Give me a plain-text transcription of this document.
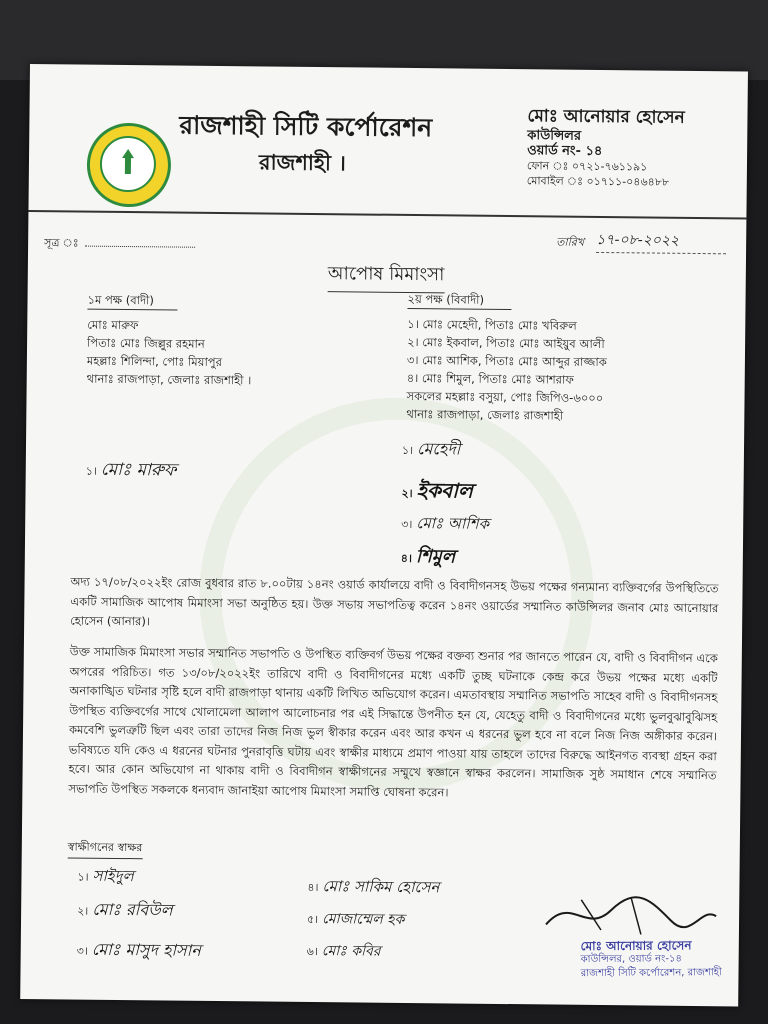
রাজশাহী সিটি কর্পোরেশন
রাজশাহী ।
মোঃ আনোয়ার হোসেন
কাউন্সিলর
ওয়ার্ড নং- ১৪
ফোন ঃ ০৭২১-৭৬১১৯১
মোবাইল ঃ ০১৭১১-০৪৬৪৮৮
সূত্র ঃ	তারিখ ১৭-০৮-২০২২
আপোষ মিমাংসা
১ম পক্ষ (বাদী)
মোঃ মারুফ
পিতাঃ মোঃ জিল্লুর রহমান
মহল্লাঃ শিলিন্দা, পোঃ মিয়াপুর
থানাঃ রাজপাড়া, জেলাঃ রাজশাহী ।
২য় পক্ষ (বিবাদী)
১। মোঃ মেহেদী, পিতাঃ মোঃ খবিরুল
২। মোঃ ইকবাল, পিতাঃ মোঃ আইয়ুব আলী
৩। মোঃ আশিক, পিতাঃ মোঃ আব্দুর রাজ্জাক
৪। মোঃ শিমুল, পিতাঃ মোঃ আশরাফ
সকলের মহল্লাঃ বসুয়া, পোঃ জিপিও-৬০০০
থানাঃ রাজপাড়া, জেলাঃ রাজশাহী
১। মোঃ মারুফ
১। মেহেদী
২। ইকবাল
৩। মোঃ আশিক
৪। শিমুল
অদ্য ১৭/০৮/২০২২ইং রোজ বুধবার রাত ৮.০০টায় ১৪নং ওয়ার্ড কার্যালয়ে বাদী ও বিবাদীগনসহ উভয় পক্ষের গন্যমান্য ব্যক্তিবর্গের উপস্থিতিতে একটি সামাজিক আপোষ মিমাংসা সভা অনুষ্ঠিত হয়। উক্ত সভায় সভাপতিত্ব করেন ১৪নং ওয়ার্ডের সম্মানিত কাউন্সিলর জনাব মোঃ আনোয়ার হোসেন (আনার)।
উক্ত সামাজিক মিমাংসা সভার সম্মানিত সভাপতি ও উপস্থিত ব্যক্তিবর্গ উভয় পক্ষের বক্তব্য শুনার পর জানতে পারেন যে, বাদী ও বিবাদীগন একে অপরের পরিচিত। গত ১৩/০৮/২০২২ইং তারিখে বাদী ও বিবাদীগনের মধ্যে একটি তুচ্ছ ঘটনাকে কেন্দ্র করে উভয় পক্ষের মধ্যে একটি অনাকাঙ্খিত ঘটনার সৃষ্টি হলে বাদী রাজপাড়া থানায় একটি লিখিত অভিযোগ করেন। এমতাবস্থায় সম্মানিত সভাপতি সাহেব বাদী ও বিবাদীগনসহ উপস্থিত ব্যক্তিবর্গের সাথে খোলামেলা আলাপ আলোচনার পর এই সিদ্ধান্তে উপনীত হন যে, যেহেতু বাদী ও বিবাদীগনের মধ্যে ভুলবুঝাবুঝিসহ কমবেশি ভুলত্রুটি ছিল এবং তারা তাদের নিজ নিজ ভুল স্বীকার করেন এবং আর কখন এ ধরনের ভুল হবে না বলে নিজ নিজ অঙ্গীকার করেন। ভবিষ্যতে যদি কেও এ ধরনের ঘটনার পুনরাবৃত্তি ঘটায় এবং স্বাক্ষীর মাধ্যমে প্রমাণ পাওয়া যায় তাহলে তাদের বিরুদ্ধে আইনগত ব্যবস্থা গ্রহন করা হবে। আর কোন অভিযোগ না থাকায় বাদী ও বিবাদীগন স্বাক্ষীগনের সম্মুখে স্বজ্ঞানে স্বাক্ষর করলেন। সামাজিক সুষ্ঠ সমাধান শেষে সম্মানিত সভাপতি উপস্থিত সকলকে ধন্যবাদ জানাইয়া আপোষ মিমাংসা সমাপ্তি ঘোষনা করেন।
স্বাক্ষীগনের স্বাক্ষর
১। সাইদুল
২। মোঃ রবিউল
৩। মোঃ মাসুদ হাসান
৪। মোঃ সাকিম হোসেন
৫। মোজাম্মেল হক
৬। মোঃ কবির	মোঃ আনোয়ার হোসেন
কাউন্সিলর, ওয়ার্ড নং-১৪
রাজশাহী সিটি কর্পোরেশন, রাজশাহী
